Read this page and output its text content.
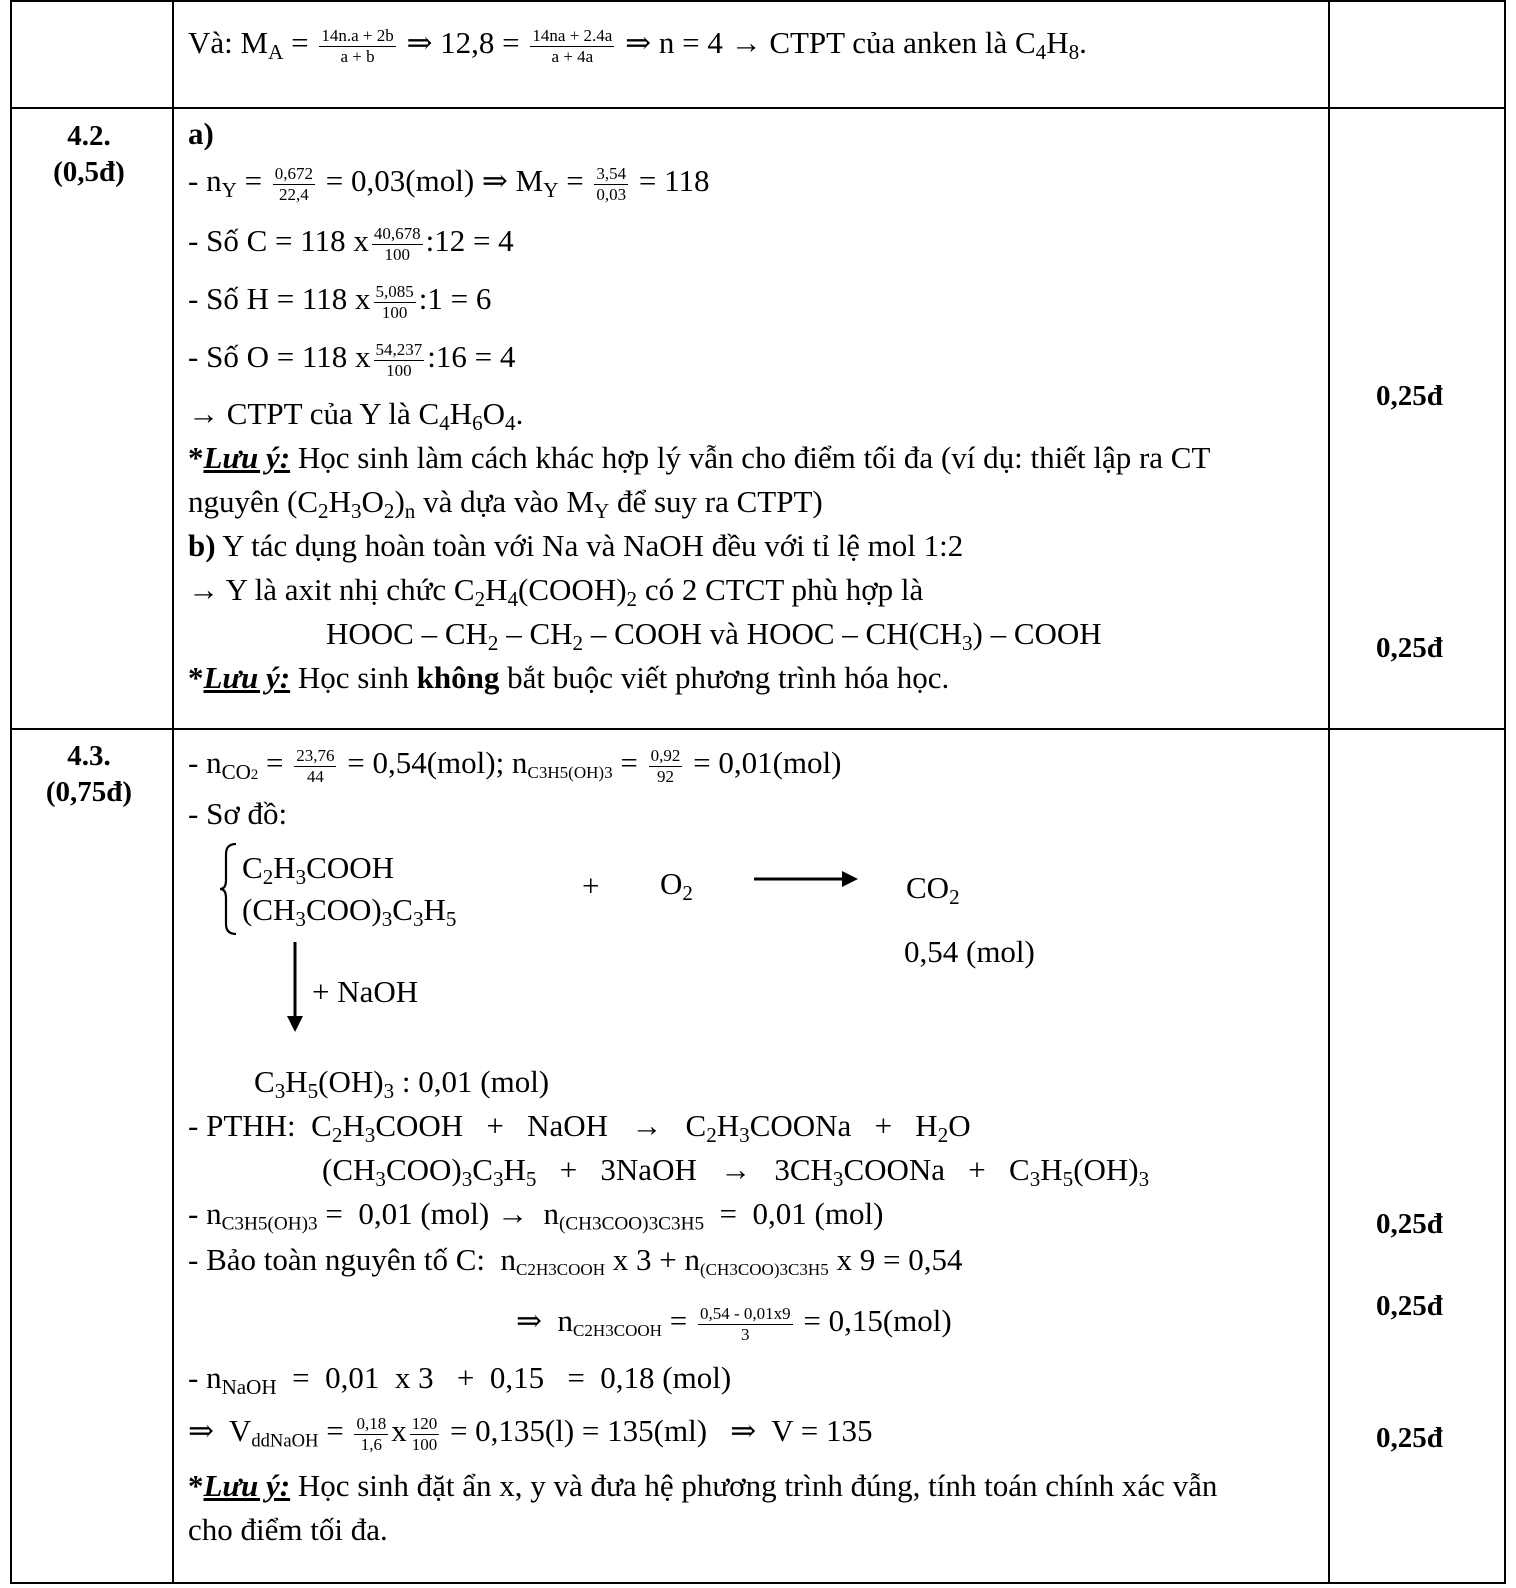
Và: $M_A = \frac{14n.a + 2b}{a + b}$ ⇒ $12,8 = \frac{14na + 2.4a}{a + 4a}$ ⇒ n = 4 → CTPT của anken là $C_4H_8$.
4.2.
(0,5đ)
a)
- $n_Y = \frac{0,672}{22,4} = 0,03(mol)$ ⇒ $M_Y = \frac{3,54}{0,03} = 118$
- Số C = 118 x $\frac{40,678}{100}$ :12 = 4
- Số H = 118 x $\frac{5,085}{100}$ :1 = 6
- Số O = 118 x $\frac{54,237}{100}$ :16 = 4
→ CTPT của Y là $C_4H_6O_4$.
*Lưu ý: Học sinh làm cách khác hợp lý vẫn cho điểm tối đa (ví dụ: thiết lập ra CT
nguyên $(C_2H_3O_2)_n$ và dựa vào $M_Y$ để suy ra CTPT)
b) Y tác dụng hoàn toàn với Na và NaOH đều với tỉ lệ mol 1:2
→ Y là axit nhị chức $C_2H_4(COOH)_2$ có 2 CTCT phù hợp là
HOOC – $CH_2 - CH_2$ – COOH và HOOC – $CH(CH_3)$ – COOH
*Lưu ý: Học sinh không bắt buộc viết phương trình hóa học.
0,25đ
0,25đ
4.3.
(0,75đ)
- $n_{CO2} = \frac{23,76}{44} = 0,54(mol)$; $n_{C3H5(OH)3} = \frac{0,92}{92} = 0,01(mol)$
- Sơ đồ:
$C_2H_3COOH$
$(CH_3COO)_3C_3H_5$
+ $O_2$	$CO_2$
0,54 (mol)
+ NaOH
$C_3H_5(OH)_3$ : 0,01 (mol)
- PTHH: $C_2H_3COOH$   +   NaOH   →   $C_2H_3COONa + H_2O$
$(CH_3COO)_3C_3H_5$   +   3NaOH   →   $3CH_3COONa + C_3H_5(OH)_3$
- $n_{C3H5(OH)3} = 0,01$ $(mol) \to n_{(CH3COO)3C3H5} = 0,01$ (mol)
- Bảo toàn nguyên tố C:  $n_{C2H3COOH}$ x $3 + n_{(CH3COO)3C3H5}$ x 9 = 0,54
⇒  $n_{C2H3COOH} = \frac{0,54 - 0,01x9}{3} = 0,15(mol)$
- $n_{NaOH} = 0,01$  x 3   +  0,15   =  0,18 (mol)
⇒  $V_{ddNaOH} = \frac{0,18}{1,6}$ x $\frac{120}{100} = 0,135(l) = 135(ml)$   ⇒  V = 135
*Lưu ý: Học sinh đặt ẩn x, y và đưa hệ phương trình đúng, tính toán chính xác vẫn
cho điểm tối đa.
0,25đ
0,25đ
0,25đ
